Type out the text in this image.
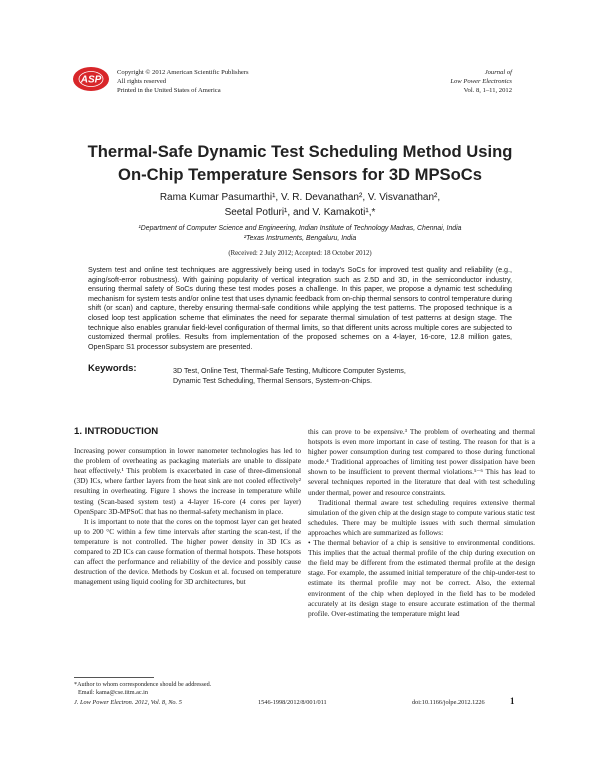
ASP
Copyright © 2012 American Scientific Publishers
All rights reserved
Printed in the United States of America
Journal of
Low Power Electronics
Vol. 8, 1–11, 2012
Thermal-Safe Dynamic Test Scheduling Method Using
On-Chip Temperature Sensors for 3D MPSoCs
Rama Kumar Pasumarthi¹, V. R. Devanathan², V. Visvanathan²,
Seetal Potluri¹, and V. Kamakoti¹,*
¹Department of Computer Science and Engineering, Indian Institute of Technology Madras, Chennai, India
²Texas Instruments, Bengaluru, India
(Received: 2 July 2012; Accepted: 18 October 2012)
System test and online test techniques are aggressively being used in today's SoCs for improved test quality and reliability (e.g., aging/soft-error robustness). With gaining popularity of vertical integration such as 2.5D and 3D, in the semiconductor industry, ensuring thermal safety of SoCs during these test modes poses a challenge. In this paper, we propose a dynamic test scheduling mechanism for system tests and/or online test that uses dynamic feedback from on-chip thermal sensors to control temperature during shift (or scan) and capture, thereby ensuring thermal-safe conditions while applying the test patterns. The proposed technique is a closed loop test application scheme that eliminates the need for separate thermal simulation of test patterns at design stage. The technique also enables granular field-level configuration of thermal limits, so that different units across multiple cores are subjected to customized thermal profiles. Results from implementation of the proposed schemes on a 4-layer, 16-core, 12.8 million gates, OpenSparc S1 processor subsystem are presented.
Keywords:	3D Test, Online Test, Thermal-Safe Testing, Multicore Computer Systems, Dynamic Test Scheduling, Thermal Sensors, System-on-Chips.

1. INTRODUCTION

Increasing power consumption in lower nanometer technologies has led to the problem of overheating as packaging materials are unable to dissipate heat effectively.¹ This problem is exacerbated in case of three-dimensional (3D) ICs, where farther layers from the heat sink are not cooled effectively² resulting in overheating. Figure 1 shows the increase in temperature while testing (Scan-based system test) a 4-layer 16-core (4 cores per layer) OpenSparc 3D-MPSoC that has no thermal-safety mechanism in place.

It is important to note that the cores on the topmost layer can get heated up to 200 °C within a few time intervals after starting the scan-test, if the temperature is not controlled. The higher power density in 3D ICs as compared to 2D ICs can cause formation of thermal hotspots. These hotspots can affect the performance and reliability of the device and possibly cause destruction of the device. Methods by Coskun et al. focused on temperature management using liquid cooling for 3D architectures, but

*Author to whom correspondence should be addressed.
Email: kama@cse.iitm.ac.in

this can prove to be expensive.³ The problem of overheating and thermal hotspots is even more important in case of testing. The reason for that is a higher power consumption during test compared to those during functional mode.⁴ Traditional approaches of limiting test power dissipation have been shown to be insufficient to prevent thermal violations.⁵⁻⁶ This has lead to several techniques reported in the literature that deal with test scheduling under thermal, power and resource constraints.

Traditional thermal aware test scheduling requires extensive thermal simulation of the given chip at the design stage to compute various static test schedules. There may be multiple issues with such thermal simulation approaches which are summarized as follows:

• The thermal behavior of a chip is sensitive to environmental conditions. This implies that the actual thermal profile of the chip during execution on the field may be different from the estimated thermal profile at the design stage. For example, the assumed initial temperature of the chip-under-test to estimate its thermal profile may not be correct. Also, the external environment of the chip when deployed in the field has to be modeled accurately at its design stage to ensure accurate estimation of the thermal profile. Over-estimating the temperature might lead

J. Low Power Electron. 2012, Vol. 8, No. 5	1546-1998/2012/8/001/011	doi:10.1166/jolpe.2012.1226	1
